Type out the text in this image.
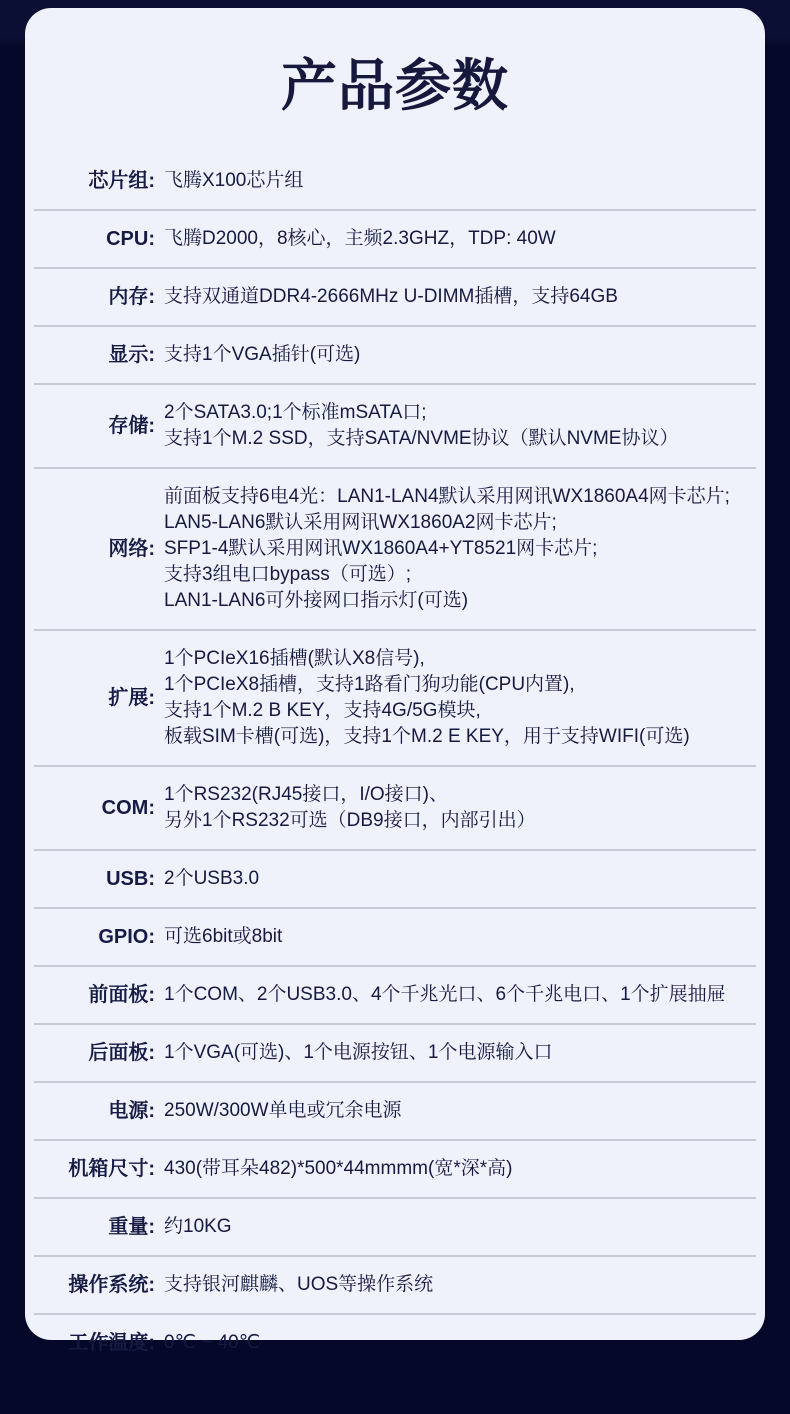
产品参数
芯片组: 飞腾X100芯片组
CPU: 飞腾D2000，8核心，主频2.3GHZ，TDP: 40W
内存: 支持双通道DDR4-2666MHz U-DIMM插槽，支持64GB
显示: 支持1个VGA插针(可选)
存储:
2个SATA3.0;1个标准mSATA口;
支持1个M.2 SSD，支持SATA/NVME协议（默认NVME协议）
网络:
前面板支持6电4光：LAN1-LAN4默认采用网讯WX1860A4网卡芯片;
LAN5-LAN6默认采用网讯WX1860A2网卡芯片;
SFP1-4默认采用网讯WX1860A4+YT8521网卡芯片;
支持3组电口bypass（可选）;
LAN1-LAN6可外接网口指示灯(可选)
扩展:
1个PCIeX16插槽(默认X8信号),
1个PCIeX8插槽，支持1路看门狗功能(CPU内置),
支持1个M.2 B KEY，支持4G/5G模块,
板载SIM卡槽(可选)，支持1个M.2 E KEY，用于支持WIFI(可选)
COM:
1个RS232(RJ45接口，I/O接口)、
另外1个RS232可选（DB9接口，内部引出）
USB: 2个USB3.0
GPIO: 可选6bit或8bit
前面板: 1个COM、2个USB3.0、4个千兆光口、6个千兆电口、1个扩展抽屉
后面板: 1个VGA(可选)、1个电源按钮、1个电源输入口
电源: 250W/300W单电或冗余电源
机箱尺寸: 430(带耳朵482)*500*44mmmm(宽*深*高)
重量: 约10KG
操作系统: 支持银河麒麟、UOS等操作系统
工作温度: 0℃ ~ 40℃
